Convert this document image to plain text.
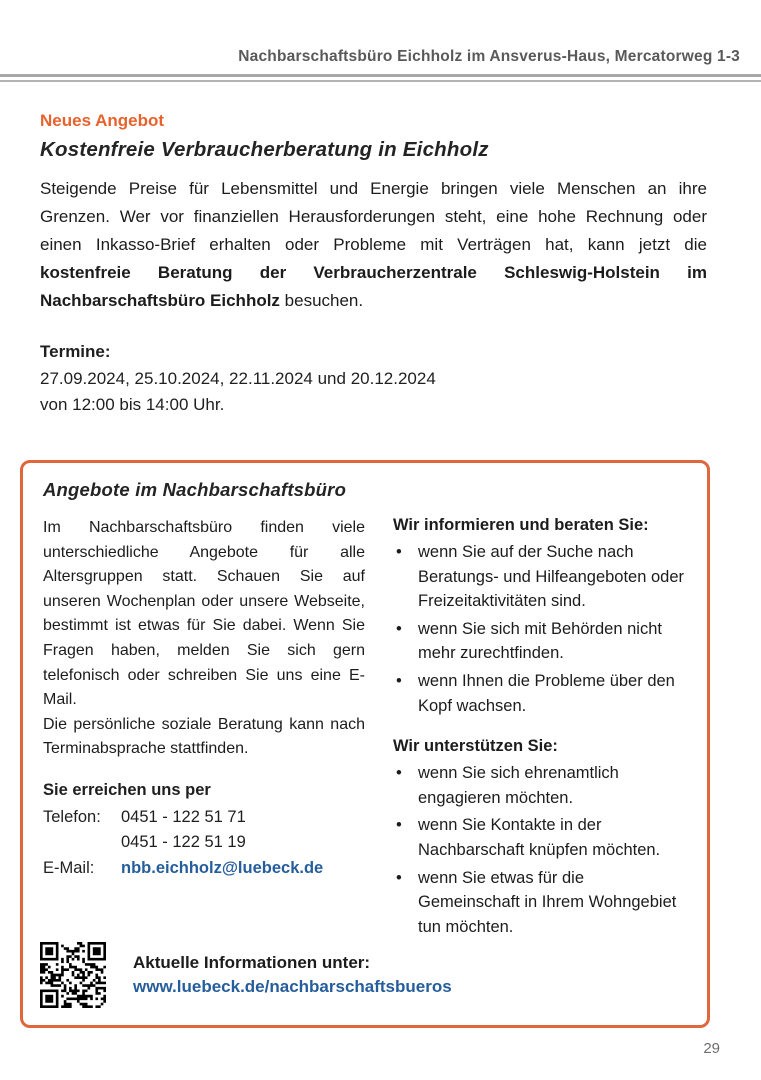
Nachbarschaftsbüro Eichholz im Ansverus-Haus, Mercatorweg 1-3
Neues Angebot
Kostenfreie Verbraucherberatung in Eichholz

Steigende Preise für Lebensmittel und Energie bringen viele Menschen an ihre Grenzen. Wer vor finanziellen Herausforderungen steht, eine hohe Rechnung oder einen Inkasso-Brief erhalten oder Probleme mit Verträgen hat, kann jetzt die kostenfreie Beratung der Verbraucherzentrale Schleswig-Holstein im Nachbarschaftsbüro Eichholz besuchen.

Termine:
27.09.2024, 25.10.2024, 22.11.2024 und 20.12.2024
von 12:00 bis 14:00 Uhr.
Angebote im Nachbarschaftsbüro

Im Nachbarschaftsbüro finden viele unterschiedliche Angebote für alle Altersgruppen statt. Schauen Sie auf unseren Wochenplan oder unsere Webseite, bestimmt ist etwas für Sie dabei. Wenn Sie Fragen haben, melden Sie sich gern telefonisch oder schreiben Sie uns eine E-Mail.

Die persönliche soziale Beratung kann nach Terminabsprache stattfinden.

Sie erreichen uns per
Telefon:	0451 - 122 51 71
0451 - 122 51 19
E-Mail:	nbb.eichholz@luebeck.de
Wir informieren und beraten Sie:
• wenn Sie auf der Suche nach Beratungs- und Hilfeangeboten oder Freizeitaktivitäten sind.
• wenn Sie sich mit Behörden nicht mehr zurechtfinden.
• wenn Ihnen die Probleme über den Kopf wachsen.
Wir unterstützen Sie:
• wenn Sie sich ehrenamtlich engagieren möchten.
• wenn Sie Kontakte in der Nachbarschaft knüpfen möchten.
• wenn Sie etwas für die Gemeinschaft in Ihrem Wohngebiet tun möchten.
Aktuelle Informationen unter:
www.luebeck.de/nachbarschaftsbueros
29
